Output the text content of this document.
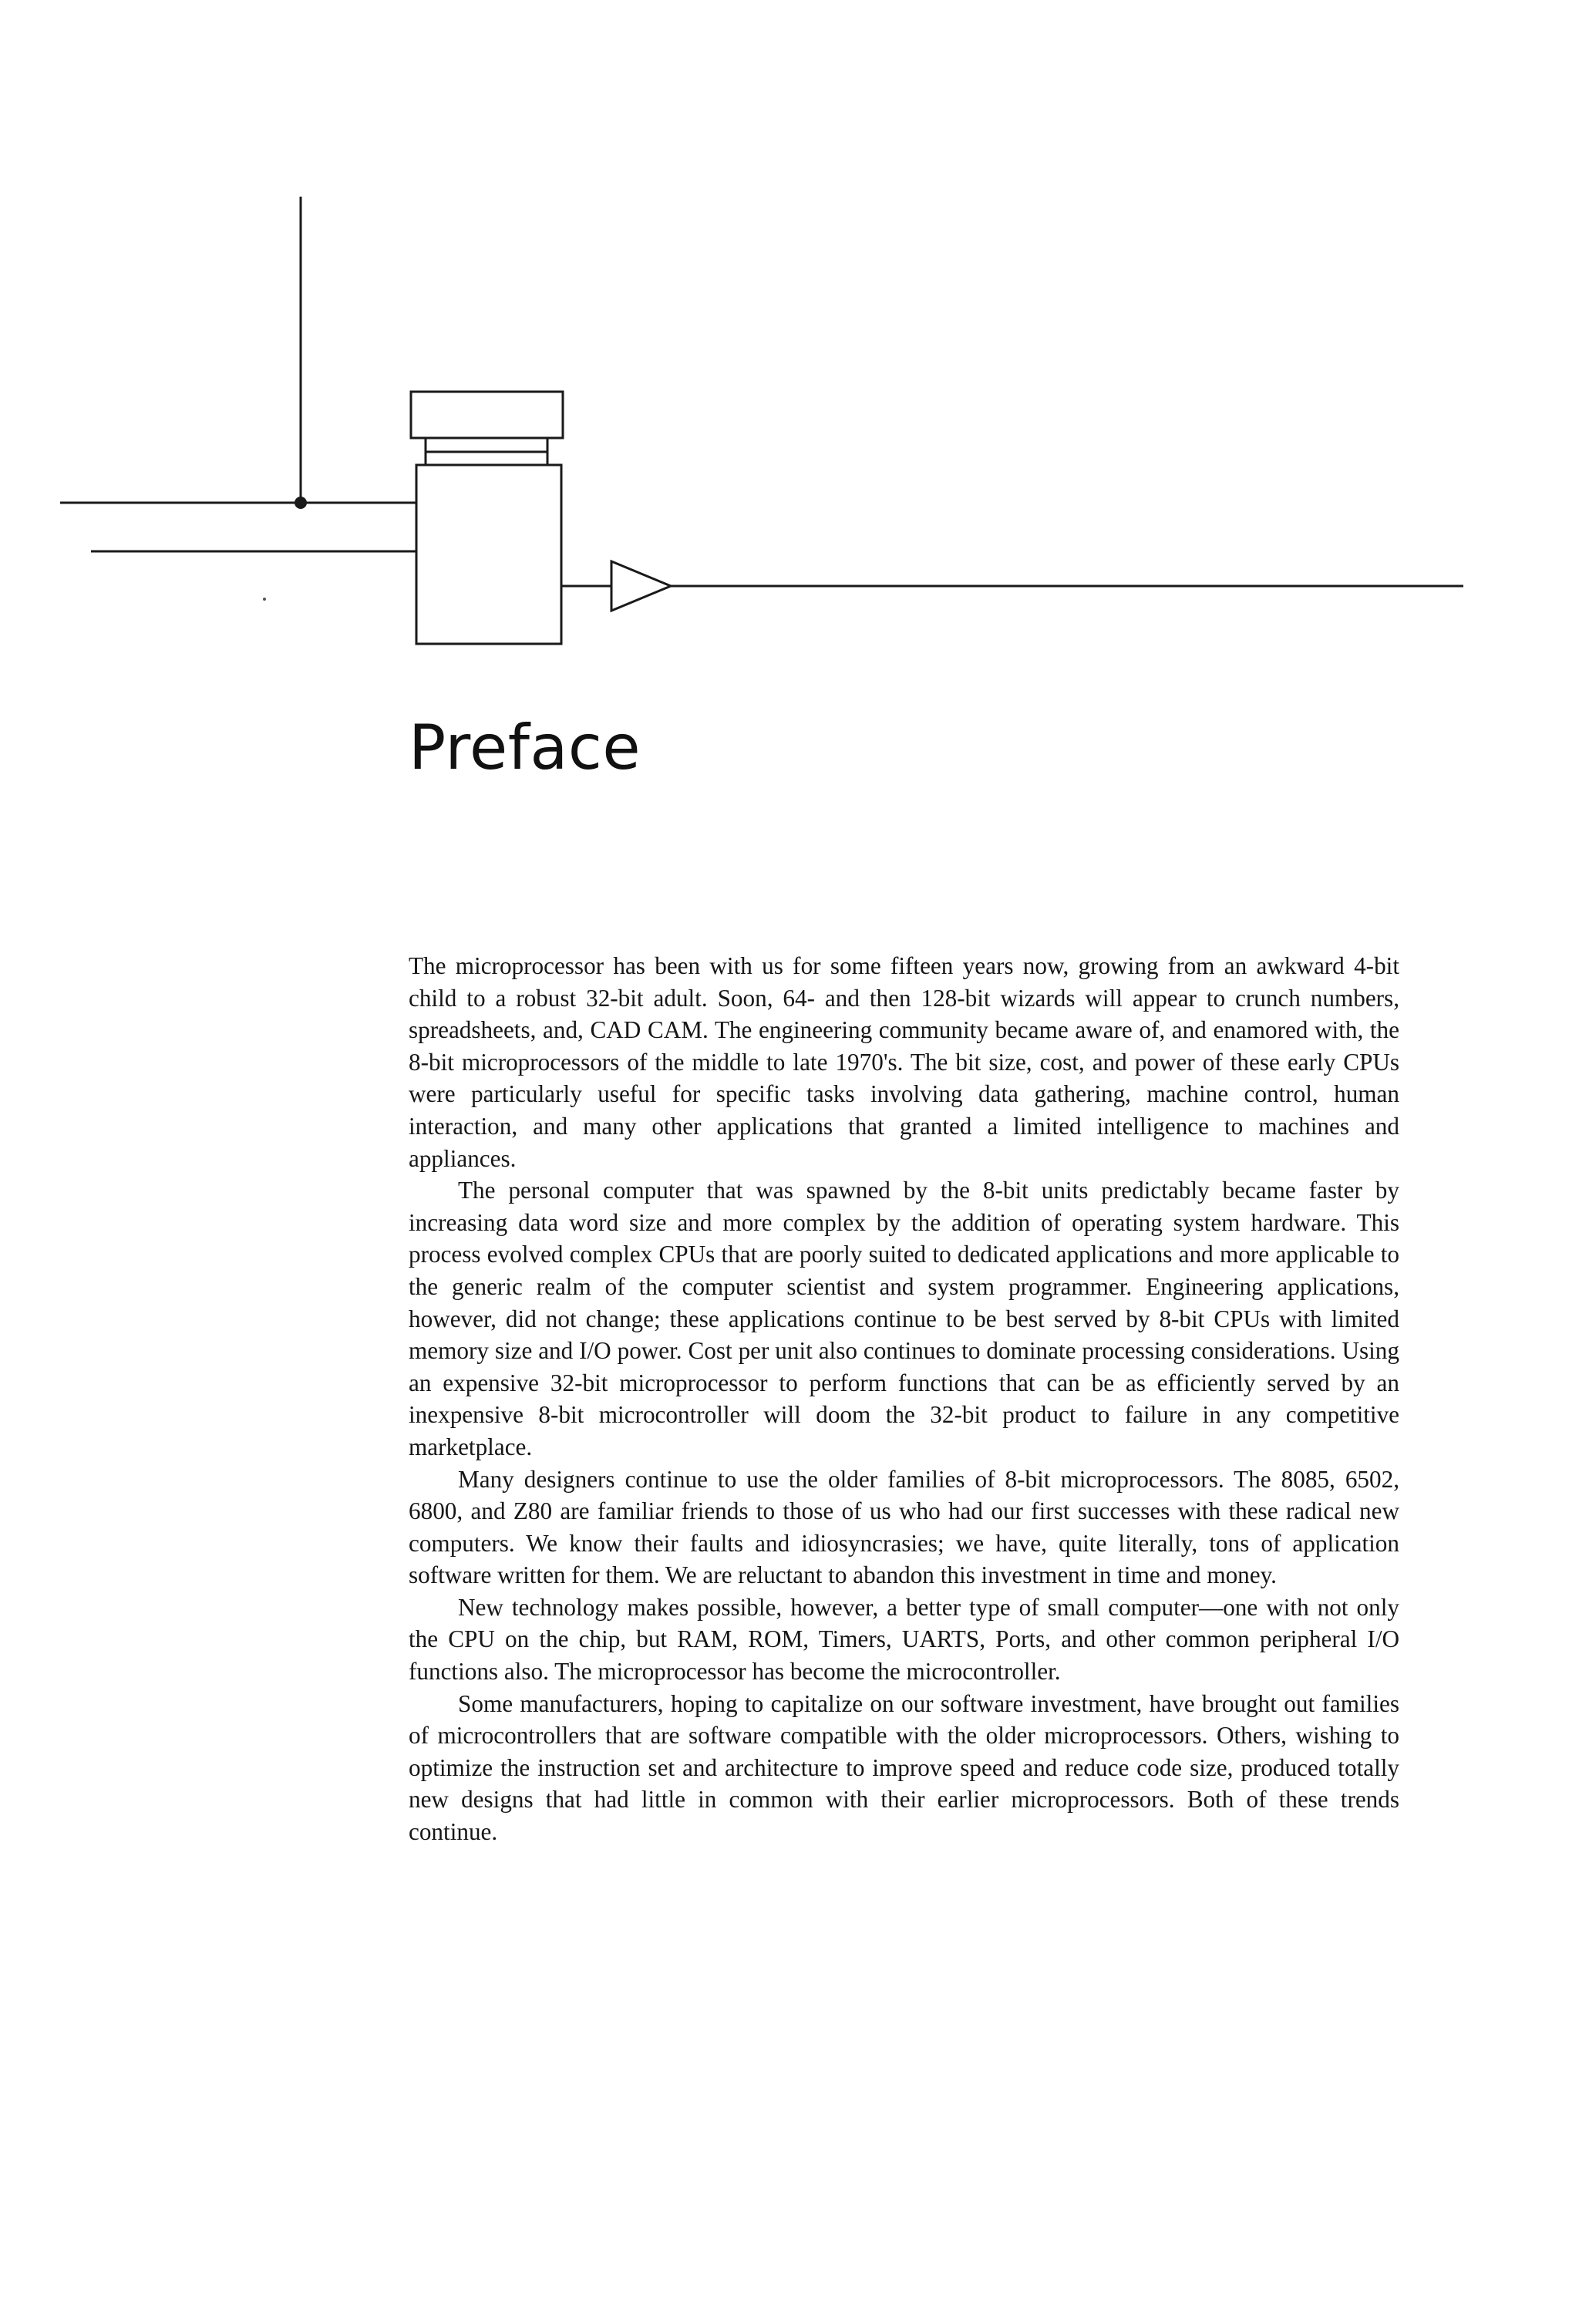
Preface

The microprocessor has been with us for some fifteen years now, growing from an awkward 4-bit child to a robust 32-bit adult. Soon, 64- and then 128-bit wizards will appear to crunch numbers, spreadsheets, and, CAD CAM. The engineering community became aware of, and enamored with, the 8-bit microprocessors of the middle to late 1970's. The bit size, cost, and power of these early CPUs were particularly useful for specific tasks involving data gathering, machine control, human interaction, and many other applications that granted a limited intelligence to machines and appliances.

The personal computer that was spawned by the 8-bit units predictably became faster by increasing data word size and more complex by the addition of operating system hardware. This process evolved complex CPUs that are poorly suited to dedicated applications and more applicable to the generic realm of the computer scientist and system programmer. Engineering applications, however, did not change; these applications continue to be best served by 8-bit CPUs with limited memory size and I/O power. Cost per unit also continues to dominate processing considerations. Using an expensive 32-bit microprocessor to perform functions that can be as efficiently served by an inexpensive 8-bit microcontroller will doom the 32-bit product to failure in any competitive marketplace.

Many designers continue to use the older families of 8-bit microprocessors. The 8085, 6502, 6800, and Z80 are familiar friends to those of us who had our first successes with these radical new computers. We know their faults and idiosyncrasies; we have, quite literally, tons of application software written for them. We are reluctant to abandon this investment in time and money.

New technology makes possible, however, a better type of small computer—one with not only the CPU on the chip, but RAM, ROM, Timers, UARTS, Ports, and other common peripheral I/O functions also. The microprocessor has become the microcontroller.

Some manufacturers, hoping to capitalize on our software investment, have brought out families of microcontrollers that are software compatible with the older microprocessors. Others, wishing to optimize the instruction set and architecture to improve speed and reduce code size, produced totally new designs that had little in common with their earlier microprocessors. Both of these trends continue.
